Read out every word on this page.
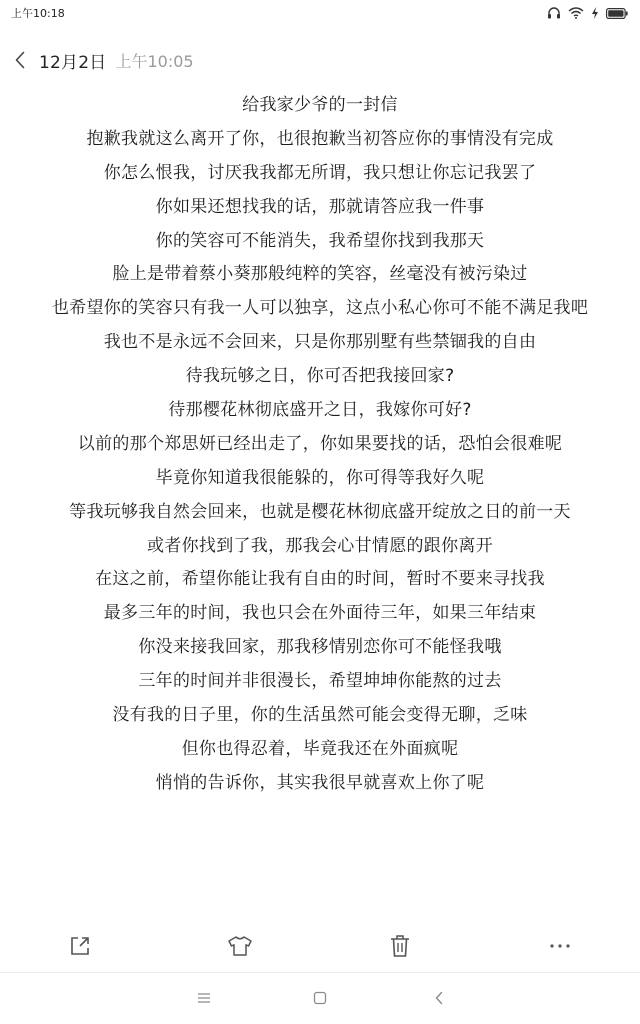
上午10:18
12月2日 上午10:05
给我家少爷的一封信
抱歉我就这么离开了你，也很抱歉当初答应你的事情没有完成
你怎么恨我，讨厌我我都无所谓，我只想让你忘记我罢了
你如果还想找我的话，那就请答应我一件事
你的笑容可不能消失，我希望你找到我那天
脸上是带着蔡小葵那般纯粹的笑容，丝毫没有被污染过
也希望你的笑容只有我一人可以独享，这点小私心你可不能不满足我吧
我也不是永远不会回来，只是你那别墅有些禁锢我的自由
待我玩够之日，你可否把我接回家?
待那樱花林彻底盛开之日，我嫁你可好?
以前的那个郑思妍已经出走了，你如果要找的话，恐怕会很难呢
毕竟你知道我很能躲的，你可得等我好久呢
等我玩够我自然会回来，也就是樱花林彻底盛开绽放之日的前一天
或者你找到了我，那我会心甘情愿的跟你离开
在这之前，希望你能让我有自由的时间，暂时不要来寻找我
最多三年的时间，我也只会在外面待三年，如果三年结束
你没来接我回家，那我移情别恋你可不能怪我哦
三年的时间并非很漫长，希望坤坤你能熬的过去
没有我的日子里，你的生活虽然可能会变得无聊，乏味
但你也得忍着，毕竟我还在外面疯呢
悄悄的告诉你，其实我很早就喜欢上你了呢
